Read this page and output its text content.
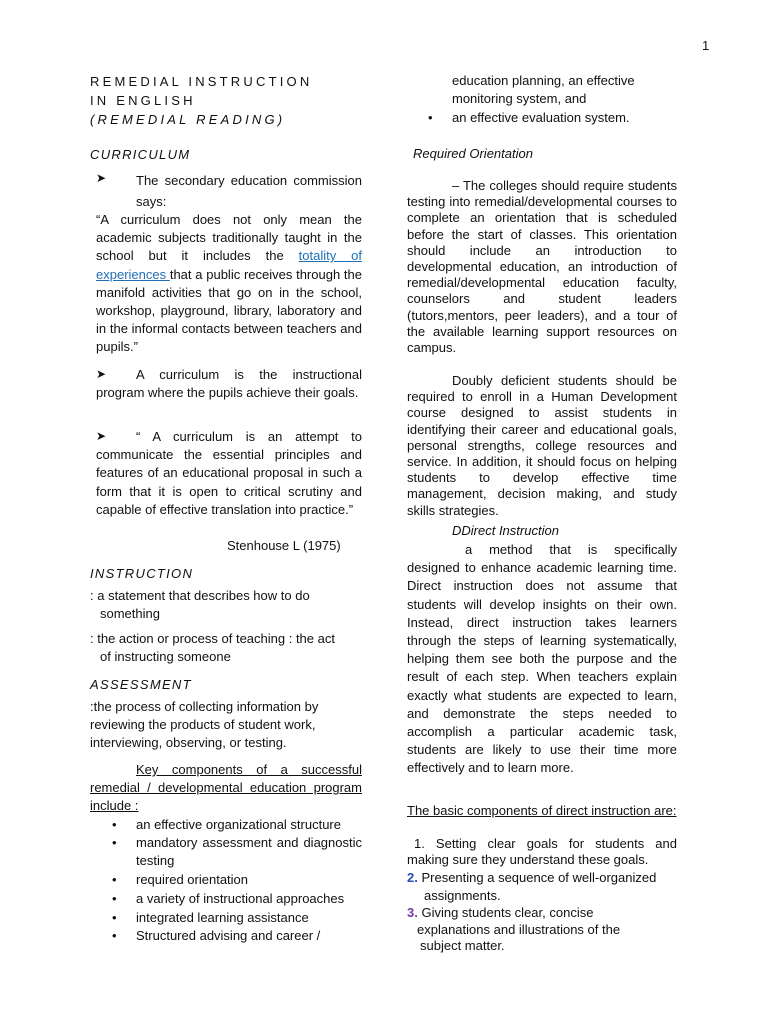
1
REMEDIAL INSTRUCTION
IN ENGLISH
(REMEDIAL READING)
CURRICULUM
➤ The secondary education commission says:
“A curriculum does not only mean the academic subjects traditionally taught in the school but it includes the totality of experiences that a public receives through the manifold activities that go on in the school, workshop, playground, library, laboratory and in the informal contacts between teachers and pupils.”
➤	A curriculum is the instructional program where the pupils achieve their goals.
➤	“ A curriculum is an attempt to communicate the essential principles and features of an educational proposal in such a form that it is open to critical scrutiny and capable of effective translation into practice.”
Stenhouse L (1975)
INSTRUCTION
: a statement that describes how to do
something
: the action or process of teaching : the act
of instructing someone
ASSESSMENT
:the process of collecting information by reviewing the products of student work, interviewing, observing, or testing.
Key components of a successful remedial / developmental education program include :
• an effective organizational structure
• mandatory assessment and diagnostic testing
• required orientation
• a variety of instructional approaches
• integrated learning assistance
• Structured advising and career /
education planning, an effective monitoring system, and
• an effective evaluation system.
Required Orientation
– The colleges should require students testing into remedial/developmental courses to complete an orientation that is scheduled before the start of classes. This orientation should include an introduction to developmental education, an introduction of remedial/developmental education faculty, counselors and student leaders (tutors,mentors, peer leaders), and a tour of the available learning support resources on campus.
Doubly deficient students should be required to enroll in a Human Development course designed to assist students in identifying their career and educational goals, personal strengths, college resources and service. In addition, it should focus on helping students to develop effective time management, decision making, and study skills strategies.
DDirect Instruction
a method that is specifically designed to enhance academic learning time. Direct instruction does not assume that students will develop insights on their own. Instead, direct instruction takes learners through the steps of learning systematically, helping them see both the purpose and the result of each step. When teachers explain exactly what students are expected to learn, and demonstrate the steps needed to accomplish a particular academic task, students are likely to use their time more effectively and to learn more.
The basic components of direct instruction are:
1. Setting clear goals for students and making sure they understand these goals.
2. Presenting a sequence of well-organized
assignments.
3. Giving students clear, concise
explanations and illustrations of the
subject matter.
